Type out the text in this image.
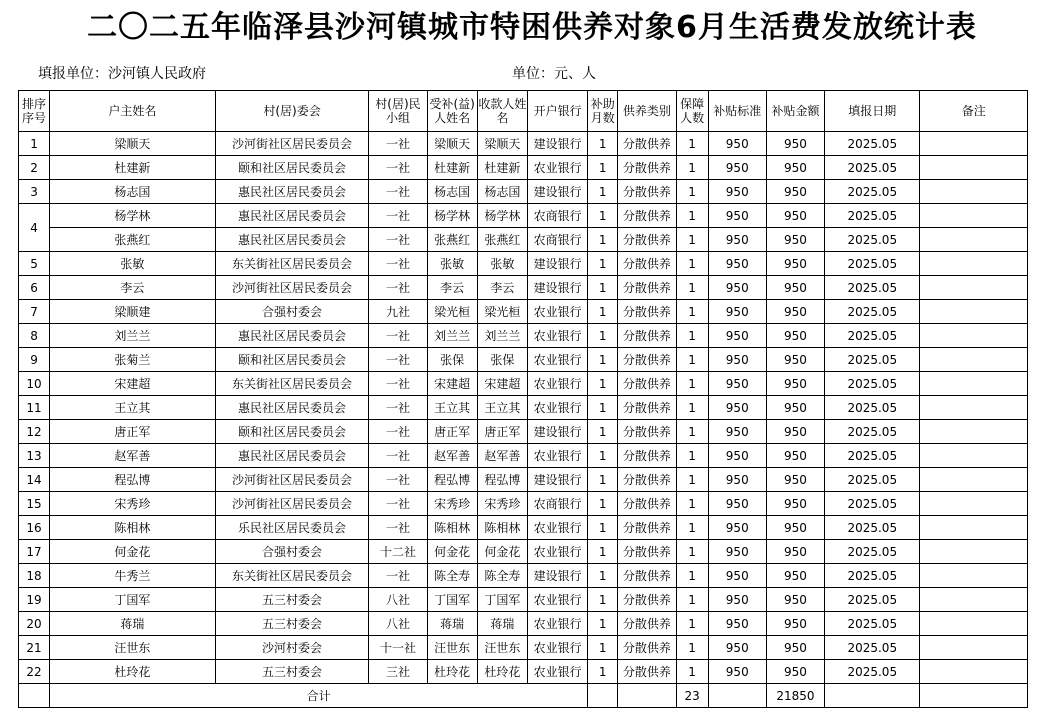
二〇二五年临泽县沙河镇城市特困供养对象6月生活费发放统计表
填报单位：沙河镇人民政府	单位：元、人
排序序号	户主姓名	村(居)委会	村(居)民小组	受补(益)人姓名	收款人姓名	开户银行	补助月数	供养类别	保障人数	补贴标准	补贴金额	填报日期	备注
1	梁顺天	沙河街社区居民委员会	一社	梁顺天	梁顺天	建设银行	1	分散供养	1	950	950	2025.05	
2	杜建新	颐和社区居民委员会	一社	杜建新	杜建新	农业银行	1	分散供养	1	950	950	2025.05	
3	杨志国	惠民社区居民委员会	一社	杨志国	杨志国	建设银行	1	分散供养	1	950	950	2025.05	
4	杨学林	惠民社区居民委员会	一社	杨学林	杨学林	农商银行	1	分散供养	1	950	950	2025.05	
	张燕红	惠民社区居民委员会	一社	张燕红	张燕红	农商银行	1	分散供养	1	950	950	2025.05	
5	张敏	东关街社区居民委员会	一社	张敏	张敏	建设银行	1	分散供养	1	950	950	2025.05	
6	李云	沙河街社区居民委员会	一社	李云	李云	建设银行	1	分散供养	1	950	950	2025.05	
7	梁顺建	合强村委会	九社	梁光桓	梁光桓	农业银行	1	分散供养	1	950	950	2025.05	
8	刘兰兰	惠民社区居民委员会	一社	刘兰兰	刘兰兰	农业银行	1	分散供养	1	950	950	2025.05	
9	张菊兰	颐和社区居民委员会	一社	张保	张保	农业银行	1	分散供养	1	950	950	2025.05	
10	宋建超	东关街社区居民委员会	一社	宋建超	宋建超	农业银行	1	分散供养	1	950	950	2025.05	
11	王立其	惠民社区居民委员会	一社	王立其	王立其	农业银行	1	分散供养	1	950	950	2025.05	
12	唐正军	颐和社区居民委员会	一社	唐正军	唐正军	建设银行	1	分散供养	1	950	950	2025.05	
13	赵军善	惠民社区居民委员会	一社	赵军善	赵军善	农业银行	1	分散供养	1	950	950	2025.05	
14	程弘博	沙河街社区居民委员会	一社	程弘博	程弘博	建设银行	1	分散供养	1	950	950	2025.05	
15	宋秀珍	沙河街社区居民委员会	一社	宋秀珍	宋秀珍	农商银行	1	分散供养	1	950	950	2025.05	
16	陈相林	乐民社区居民委员会	一社	陈相林	陈相林	农业银行	1	分散供养	1	950	950	2025.05	
17	何金花	合强村委会	十二社	何金花	何金花	农业银行	1	分散供养	1	950	950	2025.05	
18	牛秀兰	东关街社区居民委员会	一社	陈全寿	陈全寿	建设银行	1	分散供养	1	950	950	2025.05	
19	丁国军	五三村委会	八社	丁国军	丁国军	农业银行	1	分散供养	1	950	950	2025.05	
20	蒋瑞	五三村委会	八社	蒋瑞	蒋瑞	农业银行	1	分散供养	1	950	950	2025.05	
21	汪世东	沙河村委会	十一社	汪世东	汪世东	农业银行	1	分散供养	1	950	950	2025.05	
22	杜玲花	五三村委会	三社	杜玲花	杜玲花	农业银行	1	分散供养	1	950	950	2025.05	
	合计								23		21850		
